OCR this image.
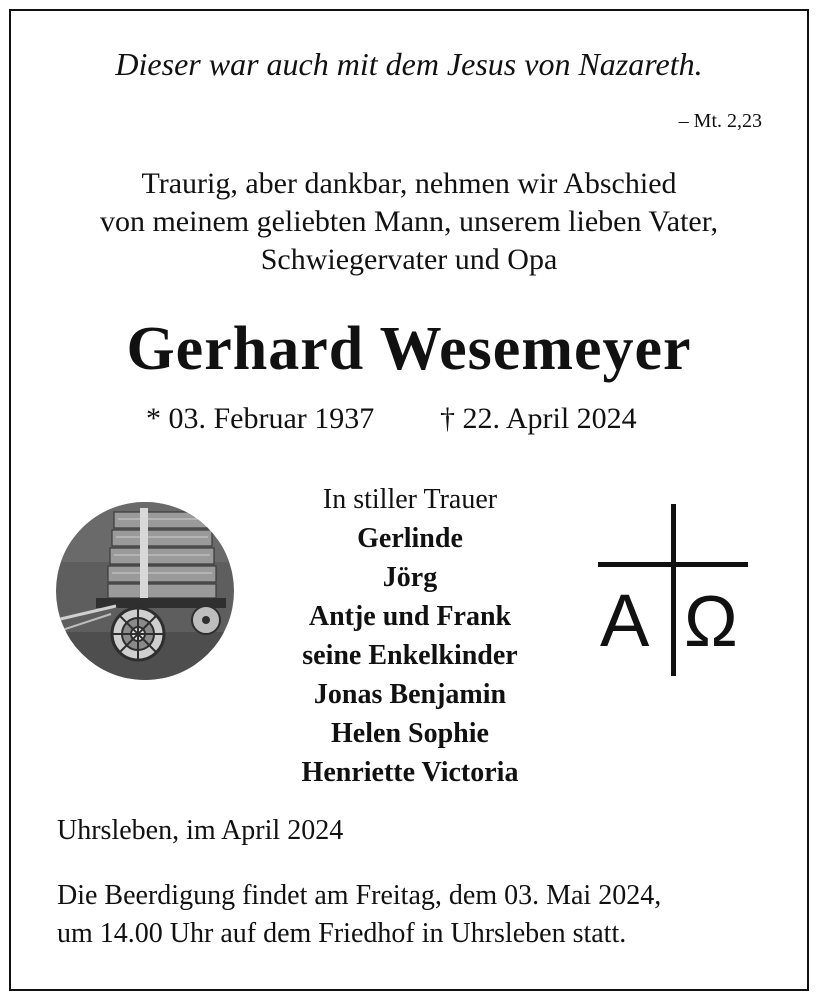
Dieser war auch mit dem Jesus von Nazareth.

– Mt. 2,23

Traurig, aber dankbar, nehmen wir Abschied
von meinem geliebten Mann, unserem lieben Vater,
Schwiegervater und Opa

Gerhard Wesemeyer

* 03. Februar 1937 † 22. April 2024

In stiller Trauer
Gerlinde
Jörg
Antje und Frank
seine Enkelkinder
Jonas Benjamin
Helen Sophie
Henriette Victoria
A Ω

Uhrsleben, im April 2024

Die Beerdigung findet am Freitag, dem 03. Mai 2024,
um 14.00 Uhr auf dem Friedhof in Uhrsleben statt.
